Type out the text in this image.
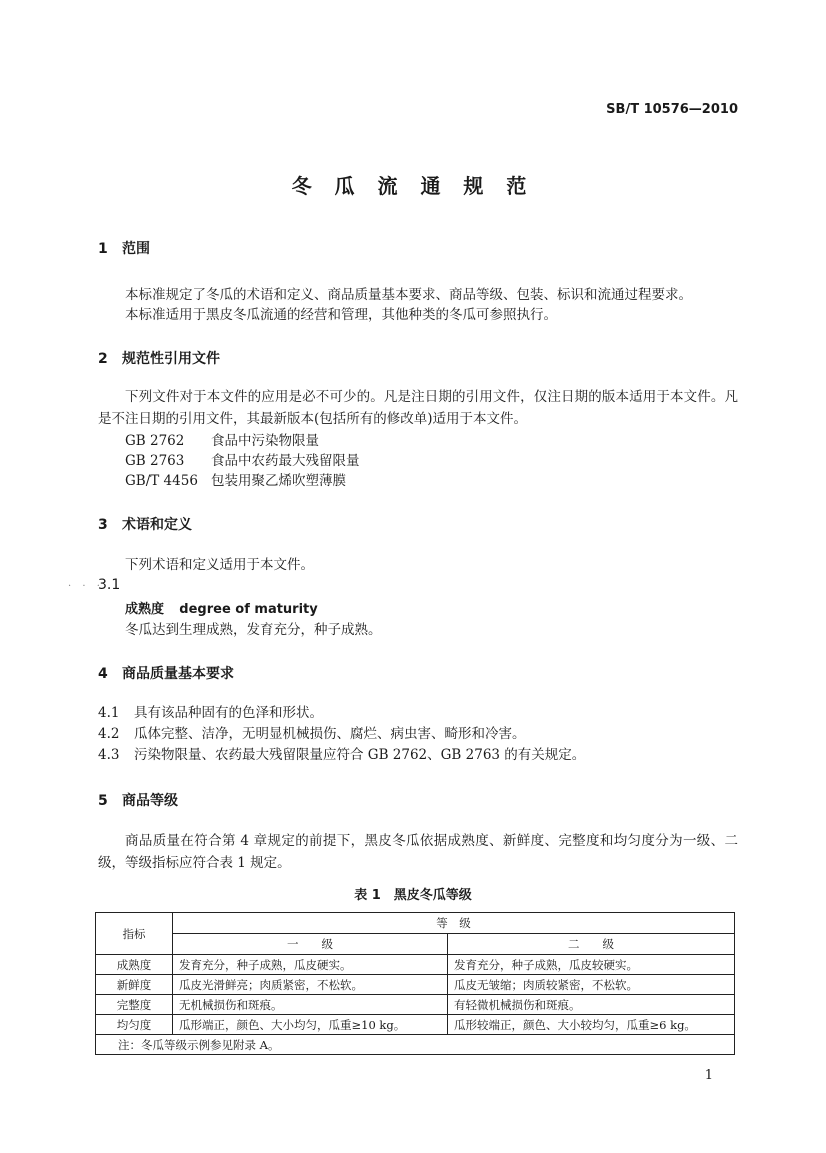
SB/T 10576—2010
冬 瓜 流 通 规 范
1 范围
本标准规定了冬瓜的术语和定义、商品质量基本要求、商品等级、包装、标识和流通过程要求。
本标准适用于黑皮冬瓜流通的经营和管理，其他种类的冬瓜可参照执行。
2 规范性引用文件
下列文件对于本文件的应用是必不可少的。凡是注日期的引用文件，仅注日期的版本适用于本文件。凡是不注日期的引用文件，其最新版本(包括所有的修改单)适用于本文件。
GB 2762 食品中污染物限量
GB 2763 食品中农药最大残留限量
GB/T 4456 包装用聚乙烯吹塑薄膜
3 术语和定义
下列术语和定义适用于本文件。
· · ·
3.1
成熟度 degree of maturity
冬瓜达到生理成熟，发育充分，种子成熟。
4 商品质量基本要求
4.1 具有该品种固有的色泽和形状。
4.2 瓜体完整、洁净，无明显机械损伤、腐烂、病虫害、畸形和冷害。
4.3 污染物限量、农药最大残留限量应符合 GB 2762、GB 2763 的有关规定。
5 商品等级
商品质量在符合第 4 章规定的前提下，黑皮冬瓜依据成熟度、新鲜度、完整度和均匀度分为一级、二级，等级指标应符合表 1 规定。
表 1　黑皮冬瓜等级
指标	等　级	
	一　　级	二　　级
成熟度	发育充分，种子成熟，瓜皮硬实。	发育充分，种子成熟，瓜皮较硬实。
新鲜度	瓜皮光滑鲜亮；肉质紧密，不松软。	瓜皮无皱缩；肉质较紧密，不松软。
完整度	无机械损伤和斑痕。	有轻微机械损伤和斑痕。
均匀度	瓜形端正，颜色、大小均匀，瓜重≥10 kg。	瓜形较端正，颜色、大小较均匀，瓜重≥6 kg。
注：冬瓜等级示例参见附录 A。		
1
